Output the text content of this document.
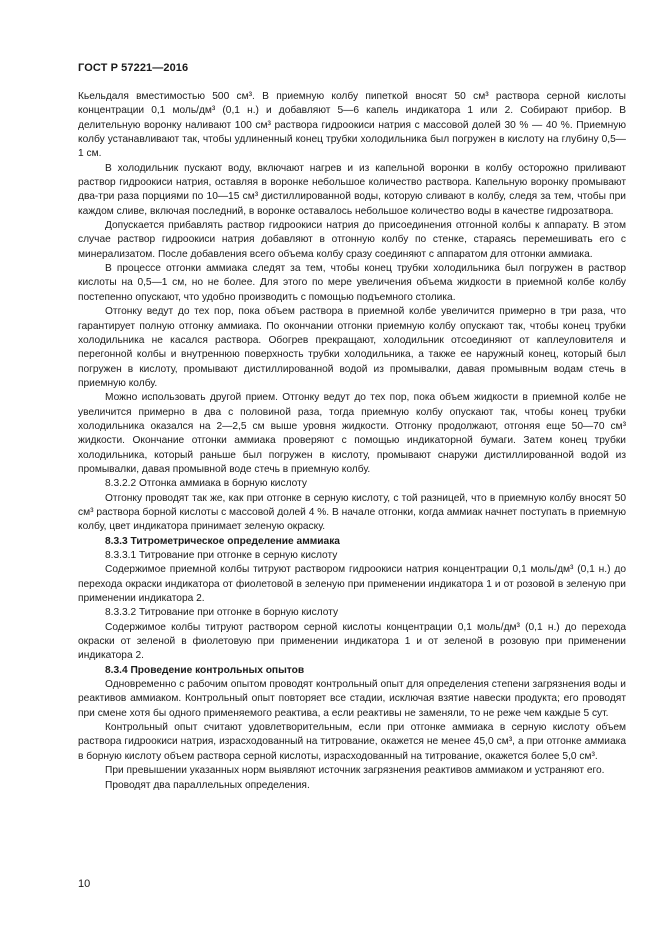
ГОСТ Р 57221—2016

Кьельдаля вместимостью 500 см³. В приемную колбу пипеткой вносят 50 см³ раствора серной кислоты концентрации 0,1 моль/дм³ (0,1 н.) и добавляют 5—6 капель индикатора 1 или 2. Собирают прибор. В делительную воронку наливают 100 см³ раствора гидроокиси натрия с массовой долей 30 % — 40 %. Приемную колбу устанавливают так, чтобы удлиненный конец трубки холодильника был погружен в кислоту на глубину 0,5—1 см.

В холодильник пускают воду, включают нагрев и из капельной воронки в колбу осторожно приливают раствор гидроокиси натрия, оставляя в воронке небольшое количество раствора. Капельную воронку промывают два-три раза порциями по 10—15 см³ дистиллированной воды, которую сливают в колбу, следя за тем, чтобы при каждом сливе, включая последний, в воронке оставалось небольшое количество воды в качестве гидрозатвора.

Допускается прибавлять раствор гидроокиси натрия до присоединения отгонной колбы к аппарату. В этом случае раствор гидроокиси натрия добавляют в отгонную колбу по стенке, стараясь перемешивать его с минерализатом. После добавления всего объема колбу сразу соединяют с аппаратом для отгонки аммиака.

В процессе отгонки аммиака следят за тем, чтобы конец трубки холодильника был погружен в раствор кислоты на 0,5—1 см, но не более. Для этого по мере увеличения объема жидкости в приемной колбе колбу постепенно опускают, что удобно производить с помощью подъемного столика.

Отгонку ведут до тех пор, пока объем раствора в приемной колбе увеличится примерно в три раза, что гарантирует полную отгонку аммиака. По окончании отгонки приемную колбу опускают так, чтобы конец трубки холодильника не касался раствора. Обогрев прекращают, холодильник отсоединяют от каплеуловителя и перегонной колбы и внутреннюю поверхность трубки холодильника, а также ее наружный конец, который был погружен в кислоту, промывают дистиллированной водой из промывалки, давая промывным водам стечь в приемную колбу.

Можно использовать другой прием. Отгонку ведут до тех пор, пока объем жидкости в приемной колбе не увеличится примерно в два с половиной раза, тогда приемную колбу опускают так, чтобы конец трубки холодильника оказался на 2—2,5 см выше уровня жидкости. Отгонку продолжают, отгоняя еще 50—70 см³ жидкости. Окончание отгонки аммиака проверяют с помощью индикаторной бумаги. Затем конец трубки холодильника, который раньше был погружен в кислоту, промывают снаружи дистиллированной водой из промывалки, давая промывной воде стечь в приемную колбу.

8.3.2.2 Отгонка аммиака в борную кислоту

Отгонку проводят так же, как при отгонке в серную кислоту, с той разницей, что в приемную колбу вносят 50 см³ раствора борной кислоты с массовой долей 4 %. В начале отгонки, когда аммиак начнет поступать в приемную колбу, цвет индикатора принимает зеленую окраску.

8.3.3 Титрометрическое определение аммиака

8.3.3.1 Титрование при отгонке в серную кислоту

Содержимое приемной колбы титруют раствором гидроокиси натрия концентрации 0,1 моль/дм³ (0,1 н.) до перехода окраски индикатора от фиолетовой в зеленую при применении индикатора 1 и от розовой в зеленую при применении индикатора 2.

8.3.3.2 Титрование при отгонке в борную кислоту

Содержимое колбы титруют раствором серной кислоты концентрации 0,1 моль/дм³ (0,1 н.) до перехода окраски от зеленой в фиолетовую при применении индикатора 1 и от зеленой в розовую при применении индикатора 2.

8.3.4 Проведение контрольных опытов

Одновременно с рабочим опытом проводят контрольный опыт для определения степени загрязнения воды и реактивов аммиаком. Контрольный опыт повторяет все стадии, исключая взятие навески продукта; его проводят при смене хотя бы одного применяемого реактива, а если реактивы не заменяли, то не реже чем каждые 5 сут.

Контрольный опыт считают удовлетворительным, если при отгонке аммиака в серную кислоту объем раствора гидроокиси натрия, израсходованный на титрование, окажется не менее 45,0 см³, а при отгонке аммиака в борную кислоту объем раствора серной кислоты, израсходованный на титрование, окажется более 5,0 см³.

При превышении указанных норм выявляют источник загрязнения реактивов аммиаком и устраняют его.

Проводят два параллельных определения.

10
